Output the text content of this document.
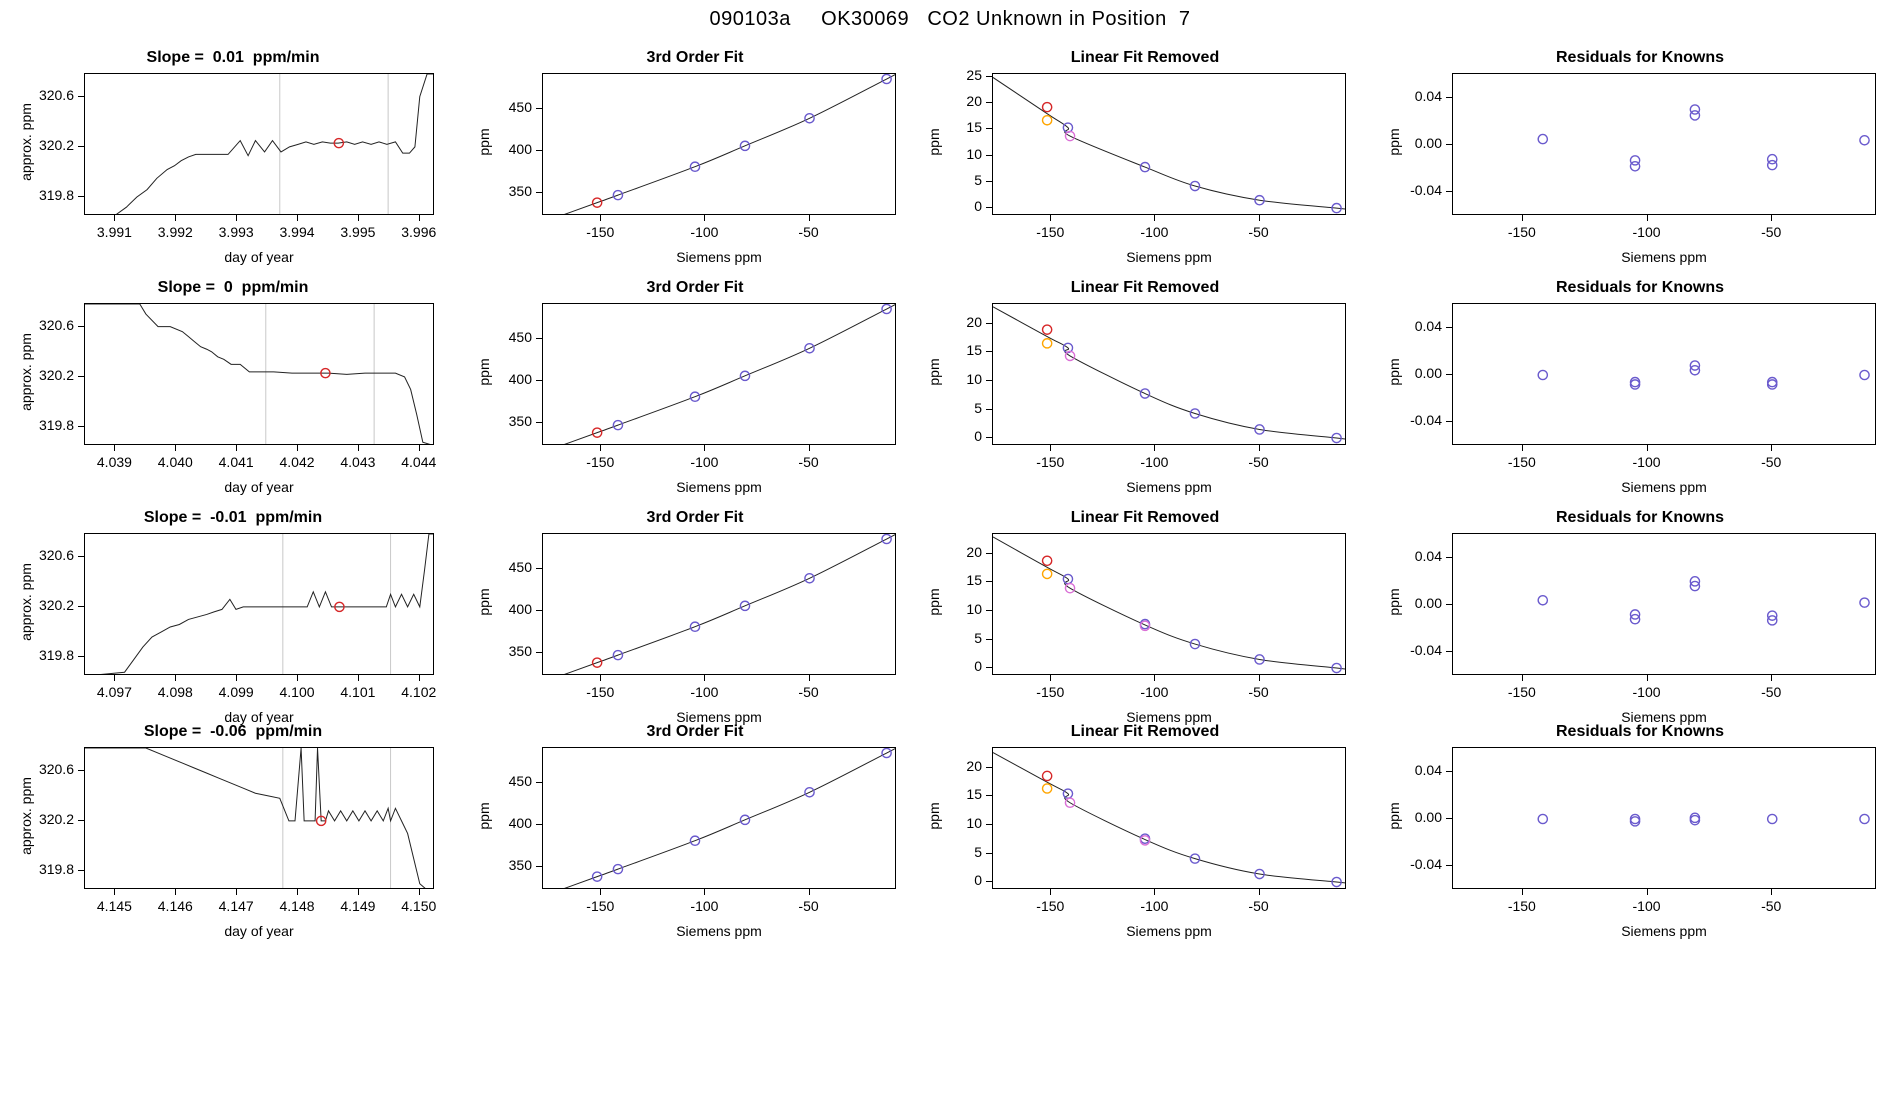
090103a     OK30069   CO2 Unknown in Position  7
Slope =  0.01  ppm/min
3.991	3.992	3.993	3.994	3.995	3.996
319.8
320.2
320.6
day of year
approx. ppm
3rd Order Fit
-150	-100	-50
350
400
450
Siemens ppm
ppm
Linear Fit Removed
-150	-100	-50
0
5
10
15
20
25
Siemens ppm
ppm
Residuals for Knowns
-150	-100	-50
-0.04
0.00
0.04
Siemens ppm
ppm
Slope =  0  ppm/min
4.039	4.040	4.041	4.042	4.043	4.044
319.8
320.2
320.6
day of year
approx. ppm
3rd Order Fit
-150	-100	-50
350
400
450
Siemens ppm
ppm
Linear Fit Removed
-150	-100	-50
0
5
10
15
20
Siemens ppm
ppm
Residuals for Knowns
-150	-100	-50
-0.04
0.00
0.04
Siemens ppm
ppm
Slope =  -0.01  ppm/min
4.097	4.098	4.099	4.100	4.101	4.102
319.8
320.2
320.6
day of year
approx. ppm
3rd Order Fit
-150	-100	-50
350
400
450
Siemens ppm
ppm
Linear Fit Removed
-150	-100	-50
0
5
10
15
20
Siemens ppm
ppm
Residuals for Knowns
-150	-100	-50
-0.04
0.00
0.04
Siemens ppm
ppm
Slope =  -0.06  ppm/min
4.145	4.146	4.147	4.148	4.149	4.150
319.8
320.2
320.6
day of year
approx. ppm
3rd Order Fit
-150	-100	-50
350
400
450
Siemens ppm
ppm
Linear Fit Removed
-150	-100	-50
0
5
10
15
20
Siemens ppm
ppm
Residuals for Knowns
-150	-100	-50
-0.04
0.00
0.04
Siemens ppm
ppm
